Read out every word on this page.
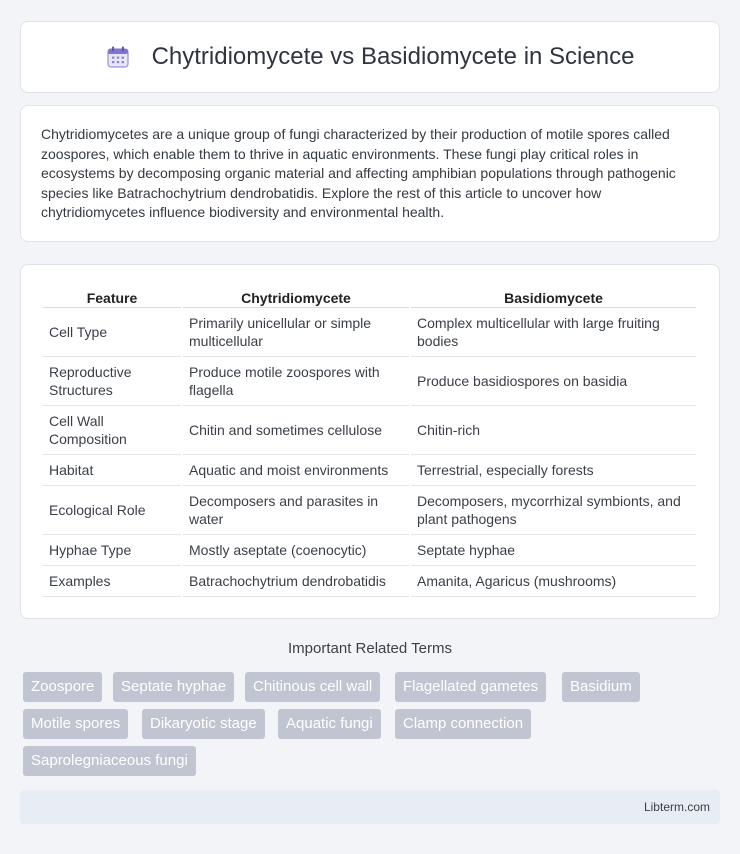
Chytridiomycete vs Basidiomycete in Science

Chytridiomycetes are a unique group of fungi characterized by their production of motile spores called zoospores, which enable them to thrive in aquatic environments. These fungi play critical roles in ecosystems by decomposing organic material and affecting amphibian populations through pathogenic species like Batrachochytrium dendrobatidis. Explore the rest of this article to uncover how chytridiomycetes influence biodiversity and environmental health.

Feature	Chytridiomycete	Basidiomycete
Cell Type	Primarily unicellular or simple multicellular	Complex multicellular with large fruiting bodies
Reproductive Structures	Produce motile zoospores with flagella	Produce basidiospores on basidia
Cell Wall Composition	Chitin and sometimes cellulose	Chitin-rich
Habitat	Aquatic and moist environments	Terrestrial, especially forests
Ecological Role	Decomposers and parasites in water	Decomposers, mycorrhizal symbionts, and plant pathogens
Hyphae Type	Mostly aseptate (coenocytic)	Septate hyphae
Examples	Batrachochytrium dendrobatidis	Amanita, Agaricus (mushrooms)
Important Related Terms
Zoospore	Septate hyphae	Chitinous cell wall	Flagellated gametes	Basidium
Motile spores	Dikaryotic stage	Aquatic fungi	Clamp connection
Saprolegniaceous fungi
Libterm.com
